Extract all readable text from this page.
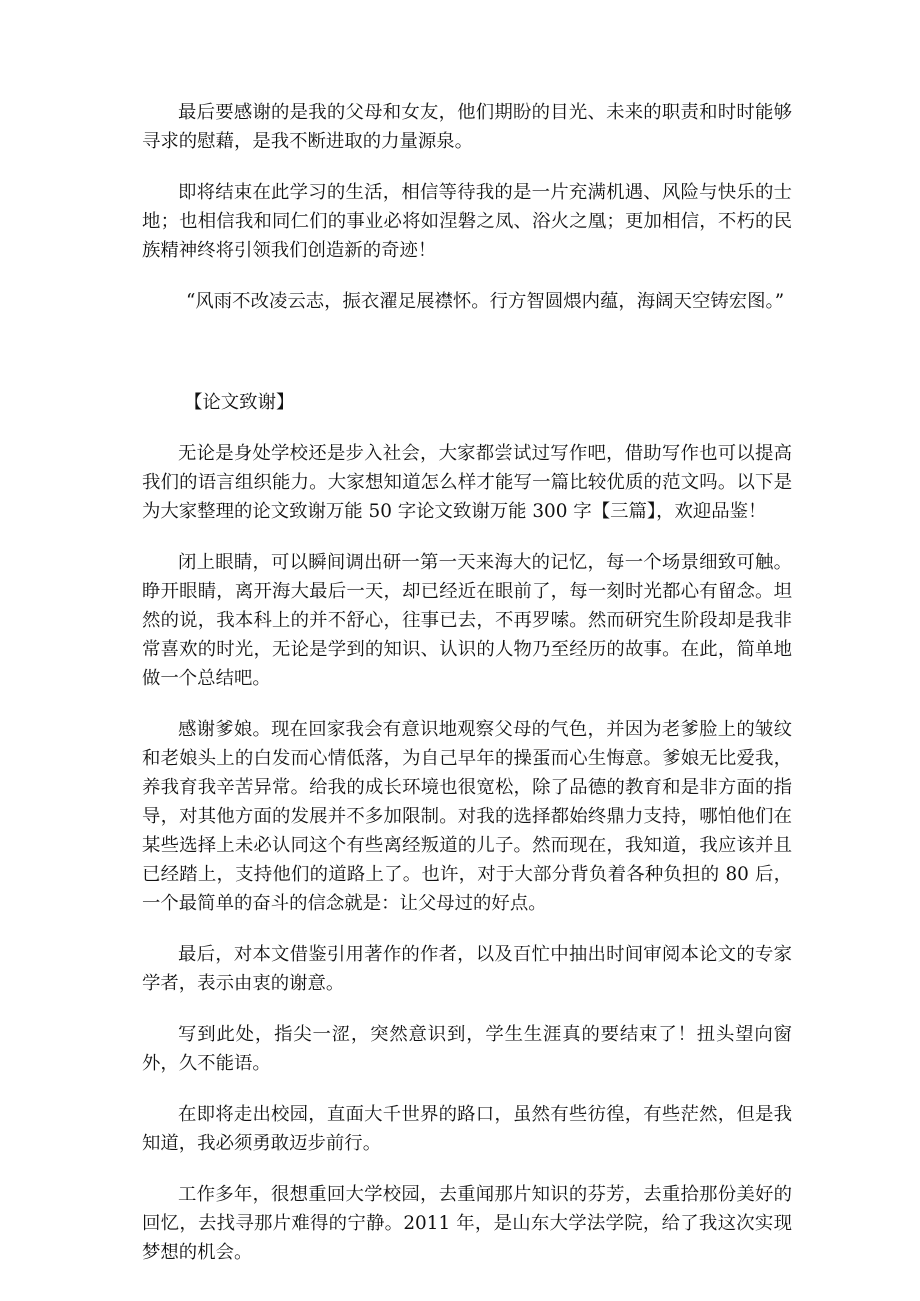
最后要感谢的是我的父母和女友，他们期盼的目光、未来的职责和时时能够寻求的慰藉，是我不断进取的力量源泉。

即将结束在此学习的生活，相信等待我的是一片充满机遇、风险与快乐的士地；也相信我和同仁们的事业必将如涅磐之凤、浴火之凰；更加相信，不朽的民族精神终将引领我们创造新的奇迹！

“风雨不改凌云志，振衣濯足展襟怀。行方智圆煨内蕴，海阔天空铸宏图。”

【论文致谢】

无论是身处学校还是步入社会，大家都尝试过写作吧，借助写作也可以提高我们的语言组织能力。大家想知道怎么样才能写一篇比较优质的范文吗。以下是为大家整理的论文致谢万能 50 字论文致谢万能 300 字【三篇】，欢迎品鉴！

闭上眼睛，可以瞬间调出研一第一天来海大的记忆，每一个场景细致可触。睁开眼睛，离开海大最后一天，却已经近在眼前了，每一刻时光都心有留念。坦然的说，我本科上的并不舒心，往事已去，不再罗嗦。然而研究生阶段却是我非常喜欢的时光，无论是学到的知识、认识的人物乃至经历的故事。在此，简单地做一个总结吧。

感谢爹娘。现在回家我会有意识地观察父母的气色，并因为老爹脸上的皱纹和老娘头上的白发而心情低落，为自己早年的操蛋而心生悔意。爹娘无比爱我，养我育我辛苦异常。给我的成长环境也很宽松，除了品德的教育和是非方面的指导，对其他方面的发展并不多加限制。对我的选择都始终鼎力支持，哪怕他们在某些选择上未必认同这个有些离经叛道的儿子。然而现在，我知道，我应该并且已经踏上，支持他们的道路上了。也许，对于大部分背负着各种负担的 80 后，一个最简单的奋斗的信念就是：让父母过的好点。

最后，对本文借鉴引用著作的作者，以及百忙中抽出时间审阅本论文的专家学者，表示由衷的谢意。

写到此处，指尖一涩，突然意识到，学生生涯真的要结束了！扭头望向窗外，久不能语。

在即将走出校园，直面大千世界的路口，虽然有些彷徨，有些茫然，但是我知道，我必须勇敢迈步前行。

工作多年，很想重回大学校园，去重闻那片知识的芬芳，去重拾那份美好的回忆，去找寻那片难得的宁静。2011 年，是山东大学法学院，给了我这次实现梦想的机会。
